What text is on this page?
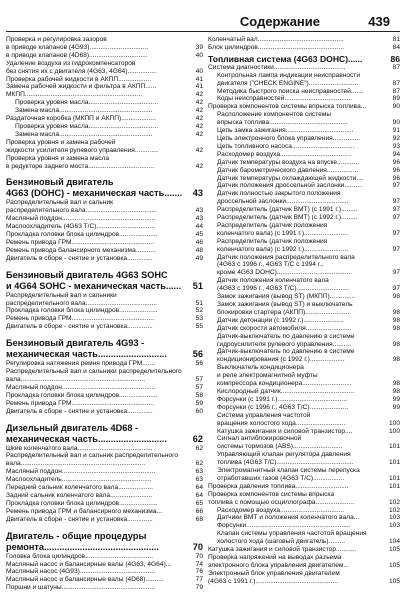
Содержание	439
Проверка и регулировка зазоров
в приводе клапанов (4G93)................................	39
в приводе клапанов (4D68)................................	40
Удаление воздуха из гидрокомпенсаторов
без снятия их с двигателя (4G63, 4G64)................	40
Проверка рабочей жидкости в АКПП..................	41
Замена рабочей жидкости и фильтра в АКПП......	41
МКПП................................................................	42
Проверка уровня масла......................................	42
Замена масла...................................................	42
Раздаточная коробка (МКПП и АКПП)...................	42
Проверка уровня масла......................................	42
Замена масла...................................................	42
Проверка уровня и замена рабочей
жидкости усилителя рулевого управления.............	42
Проверка уровня и замена масла
в редукторе заднего моста....................................	42
Бензиновый двигатель
4G63 (DOHC) - механическая часть....... 43
Распределительный вал и сальник
распределительного вала.......................................	43
Масляный поддон...................................................	43
Маслоохладитель (4G63 T/C)................................	44
Прокладка головки блока цилиндров.....................	45
Ремень привода ГРМ.............................................	46
Ремень привода балансирного механизма...........	48
Двигатель в сборе - снятие и установка..............	49
Бензиновый двигатель 4G63 SOHC
и 4G64 SOHC - механическая часть...... 51
Распределительный вал и сальники
распределительного вала.......................................	51
Прокладка головки блока цилиндров.....................	52
Ремень привода ГРМ.............................................	53
Двигатель в сборе - снятие и установка..............	55
Бензиновый двигатель 4G93 -
механическая часть...........................	56
Регулировка натяжения ремня привода ГРМ.......	56
Распределительный вал и сальники распределительного
вала....................................................................	57
Масляный поддон...................................................	57
Прокладка головки блока цилиндров.....................	58
Ремень привода ГРМ.............................................	59
Двигатель в сборе - снятие и установка..............	60
Дизельный двигатель 4D68 -
механическая часть...........................	62
Шкив коленчатого вала.........................................	62
Распределительный вал и сальник распределительного
вала....................................................................	62
Масляный поддон...................................................	63
Маслоохладитель.................................................	63
Передний сальник коленчатого вала...................	64
Задний сальник коленчатого вала.......................	64
Прокладка головки блока цилиндров.....................	65
Ремень привода ГРМ и балансирного механизма...	66
Двигатель в сборе - снятие и установка..............	68
Двигатель - общие процедуры
ремонта.............................................	70
Головка блока цилиндров.....................................	70
Масляный насос и балансирные валы (4G63, 4G64)...	74
Масляный насос (4G93).........................................	76
Масляный насос и балансирные валы (4D68)..........	77
Поршни и шатуны...................................................	79
Коленчатый вал...............................................	81
Блок цилиндров...............................................	84
Топливная система (4G63 DOHC)......	86
Система диагностики.......................................	87
Контрольная лампа индикации неисправности
двигателя ("CHECK ENGINE")...........................	87
Методика быстрого поиска неисправностей.......	87
Коды неисправностей.....................................	89
Проверка компонентов системы впрыска топлива...	90
Расположение компонентов системы
впрыска топлива...........................................	90
Цепь замка зажигания.....................................	91
Цепь электронного блока управления...............	92
Цепь топливного насоса..................................	93
Расходомер воздуха.......................................	94
Датчик температуры воздуха на впуске............	96
Датчик барометрического давления.................	96
Датчик температуры охлаждающей жидкости....	96
Датчик положения дроссельной заслонки..........	97
Датчик полностью закрытого положения
дроссельной заслонки..................................	97
Распределитель (датчик ВМТ) (с 1991 г.).........	97
Распределитель (датчик ВМТ) (с 1992 г.).........	97
Распределитель (датчик положения
коленчатого вала) (с 1991 г.)........................	97
Распределитель (датчик положения
коленчатого вала) (с 1992 г.)........................	97
Датчик положения распределительного вала
(4G63 с 1996 г., 4G63 T/C с 1994 г.,
кроме 4G63 DOHC).........................................	97
Датчик положения коленчатого вала
(4G63 с 1996 г., 4G63 T/C).............................	97
Замок зажигания (вывод ST) (МКПП)..............	98
Замок зажигания (вывод ST) и выключатель
блокировки стартера (АКПП)........................	98
Датчик детонации (с 1992 г.)......................	98
Датчик скорости автомобиля.........................	98
Датчик-выключатель по давлению в системе
гидроусилителя рулевого управления..........	98
Датчик-выключатель по давлению в системе
кондиционирования (с 1992 г.)...................	98
Выключатель кондиционера
и реле электромагнитной муфты
компрессора кондиционера...........................	98
Кислородный датчик........................................	98
Форсунки (с 1991 г.)......................................	99
Форсунки (с 1996 г., 4G63 T/C).....................	99
Система управления частотой
вращения холостого хода...........................	100
Катушка зажигания и силовой транзистор....	100
Сигнал антиблокировочной
системы тормозов (ABS)...........................	101
Управляющий клапан регулятора давления
топлива (4G63 T/C)..........................................	101
Электромагнитный клапан системы перепуска
отработавших газов (4G63 T/C).................	101
Проверка давления топлива.............................	101
Проверка компонентов системы впрыска
топлива с помощью осциллографа.....................	102
Расходомер воздуха...................................	102
Датчики ВМТ и положения коленчатого вала...	103
Форсунки.........................................................	103
Клапан системы управления частотой вращения
холостого хода (шаговый двигатель).........	104
Катушка зажигания и силовой транзистор...........	105
Проверка напряжений на выводах разъема
электронного блока управления двигателем...	105
Электронный блок управления двигателем
(4G63 с 1991 г.).............................................	105
